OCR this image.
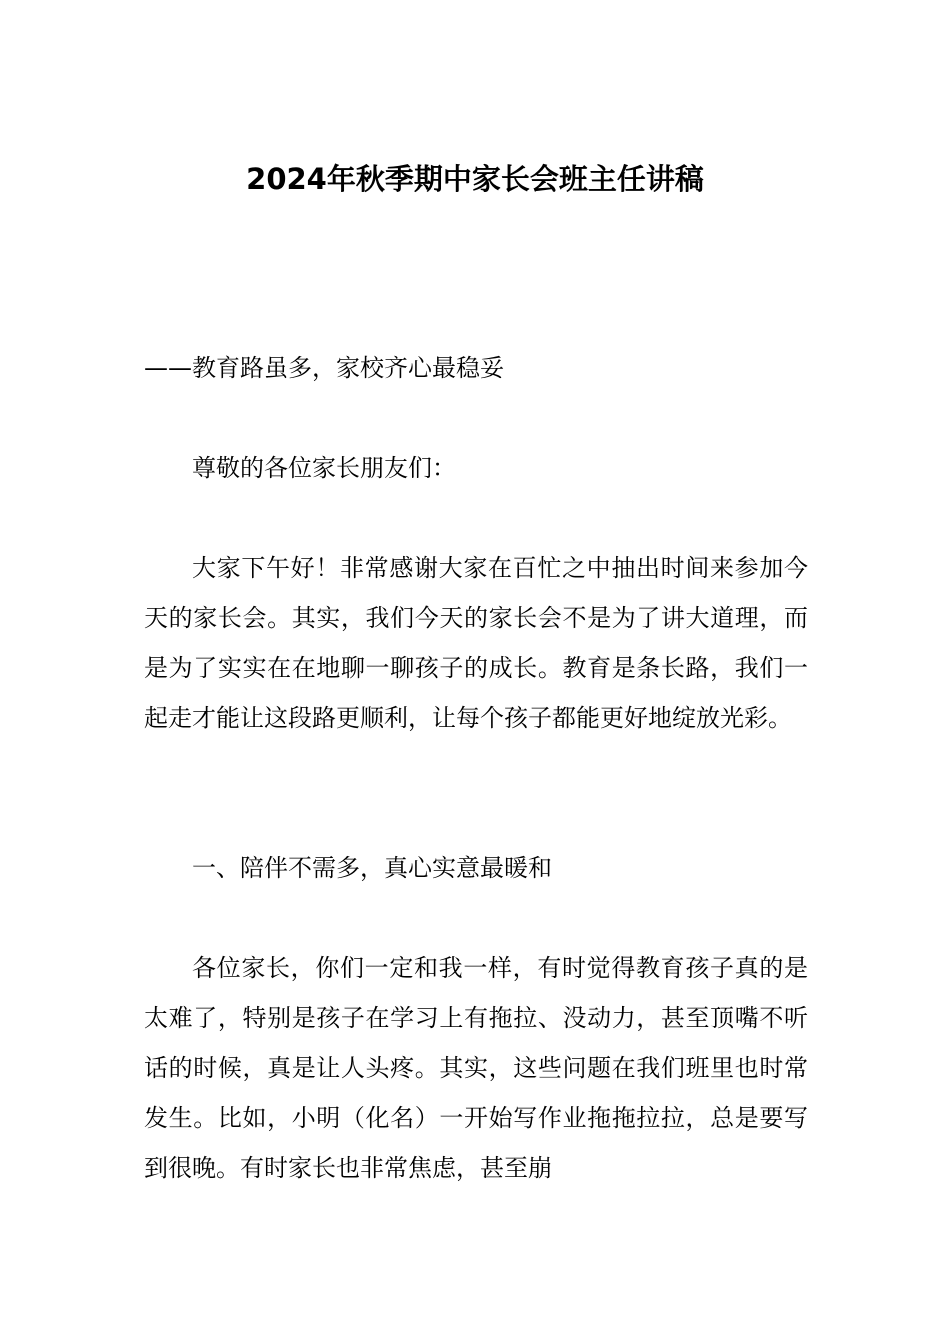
2024年秋季期中家长会班主任讲稿

——教育路虽多，家校齐心最稳妥

尊敬的各位家长朋友们：

大家下午好！非常感谢大家在百忙之中抽出时间来参加今天的家长会。其实，我们今天的家长会不是为了讲大道理，而是为了实实在在地聊一聊孩子的成长。教育是条长路，我们一起走才能让这段路更顺利，让每个孩子都能更好地绽放光彩。

一、陪伴不需多，真心实意最暖和

各位家长，你们一定和我一样，有时觉得教育孩子真的是太难了，特别是孩子在学习上有拖拉、没动力，甚至顶嘴不听话的时候，真是让人头疼。其实，这些问题在我们班里也时常发生。比如，小明（化名）一开始写作业拖拖拉拉，总是要写到很晚。有时家长也非常焦虑，甚至崩
